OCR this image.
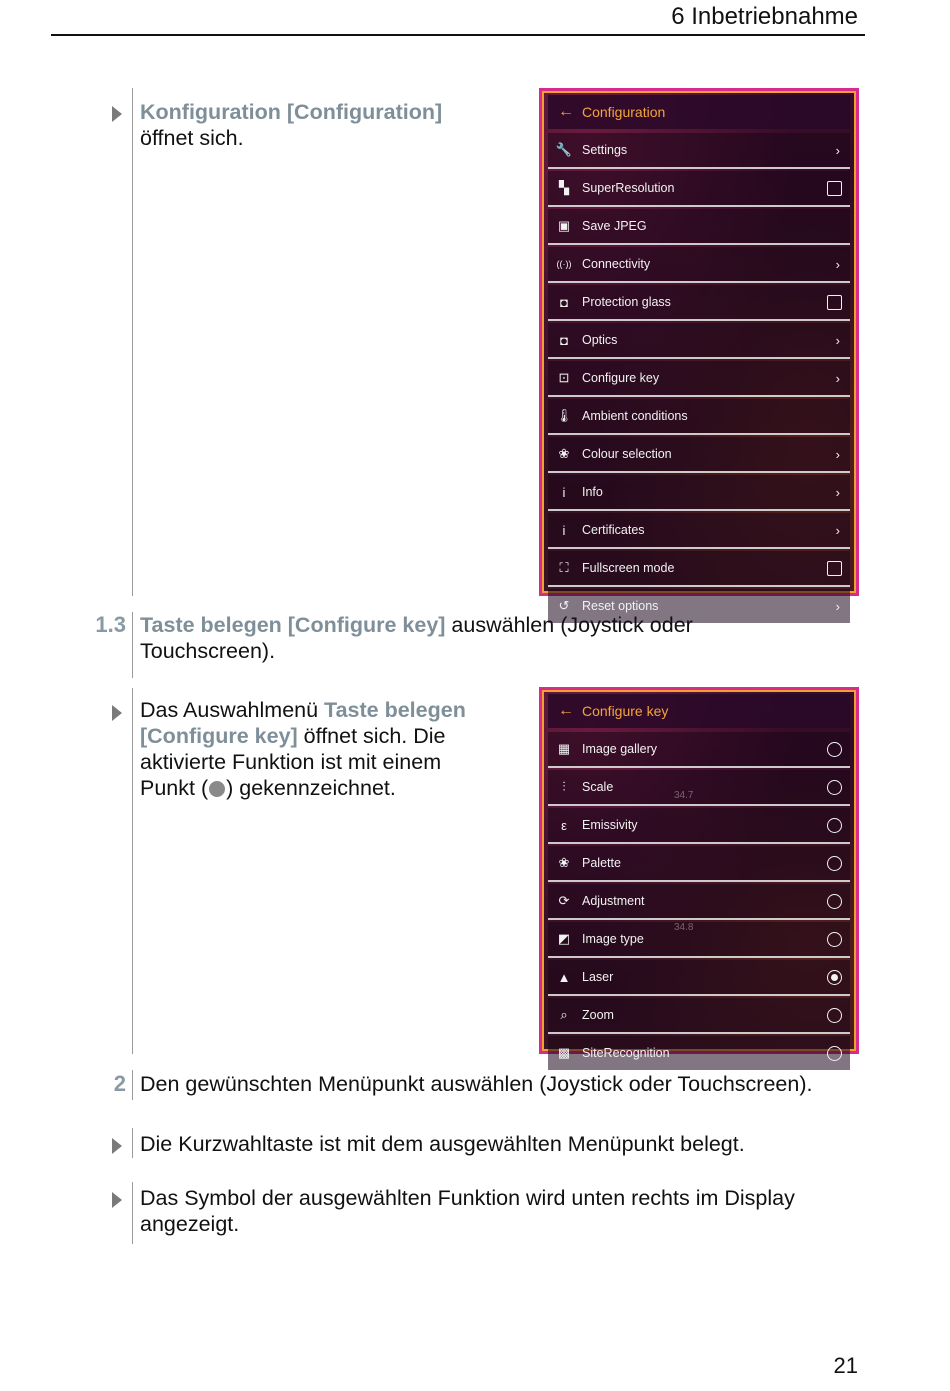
6 Inbetriebnahme
Konfiguration [Configuration]
öffnet sich.
← Configuration
🔧 Settings	›
▚	SuperResolution
▣ Save JPEG
((·)) Connectivity	›
◘	Protection glass
◘	Optics	›
⊡	Configure key	›
🌡 Ambient conditions
❀	Colour selection	›
i	Info	›
i	Certificates	›
⛶	Fullscreen mode
↺	Reset options	›
1.3 Taste belegen [Configure key] auswählen (Joystick oder
Touchscreen).
Das Auswahlmenü Taste belegen
[Configure key] öffnet sich. Die
aktivierte Funktion ist mit einem
Punkt ( ) gekennzeichnet.
← Configure key
▦ Image gallery
⫶	Scale
ε	Emissivity
❀	Palette
⟳	Adjustment
◩ Image type
▲ Laser
⌕	Zoom
▩ SiteRecognition
34.7
34.8
2 Den gewünschten Menüpunkt auswählen (Joystick oder Touchscreen).
Die Kurzwahltaste ist mit dem ausgewählten Menüpunkt belegt.
Das Symbol der ausgewählten Funktion wird unten rechts im Display
angezeigt.
21
